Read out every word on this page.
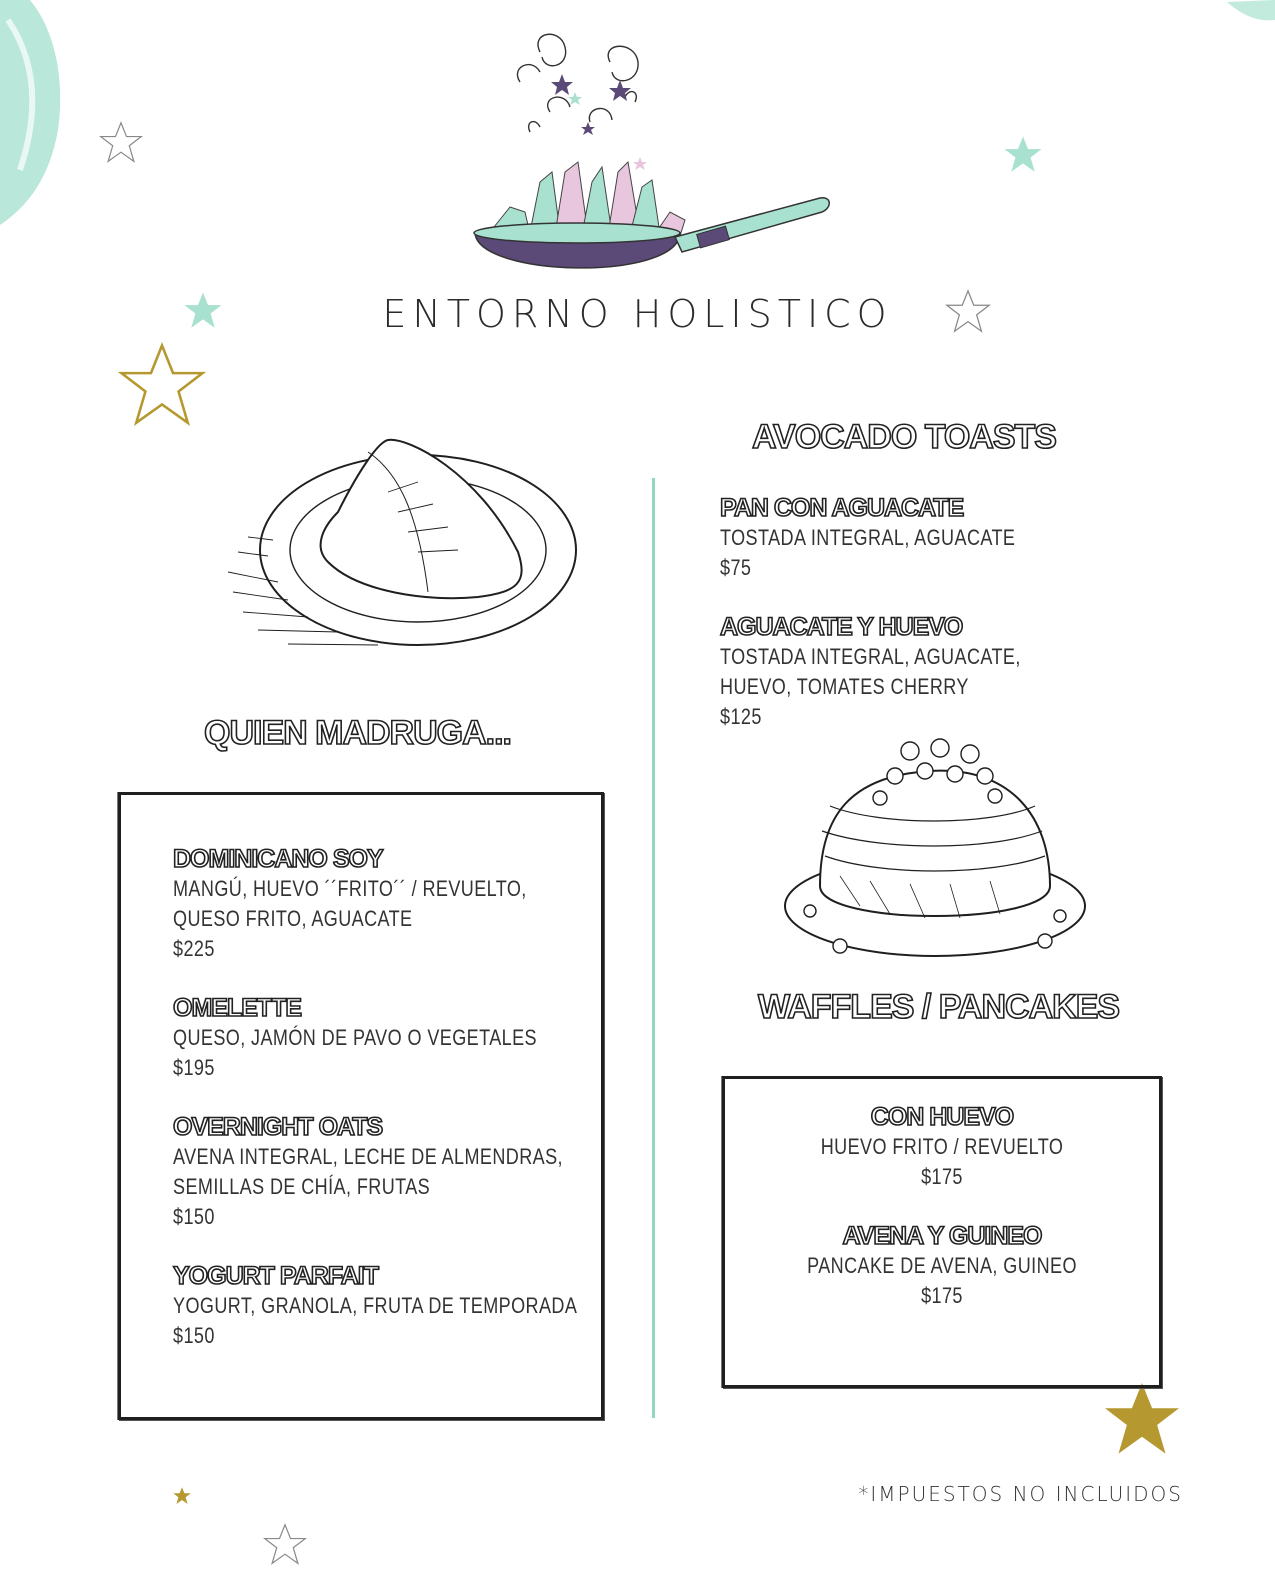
ENTORNO HOLISTICO
QUIEN MADRUGA...
DOMINICANO SOY
MANGÚ, HUEVO ´´FRITO´´ / REVUELTO,
QUESO FRITO, AGUACATE
$225
OMELETTE
QUESO, JAMÓN DE PAVO O VEGETALES
$195
OVERNIGHT OATS
AVENA INTEGRAL, LECHE DE ALMENDRAS,
SEMILLAS DE CHÍA, FRUTAS
$150
YOGURT PARFAIT
YOGURT, GRANOLA, FRUTA DE TEMPORADA
$150
AVOCADO TOASTS
PAN CON AGUACATE
TOSTADA INTEGRAL, AGUACATE
$75
AGUACATE Y HUEVO
TOSTADA INTEGRAL, AGUACATE,
HUEVO, TOMATES CHERRY
$125
WAFFLES / PANCAKES
CON HUEVO
HUEVO FRITO / REVUELTO
$175
AVENA Y GUINEO
PANCAKE DE AVENA, GUINEO
$175
*IMPUESTOS NO INCLUIDOS
